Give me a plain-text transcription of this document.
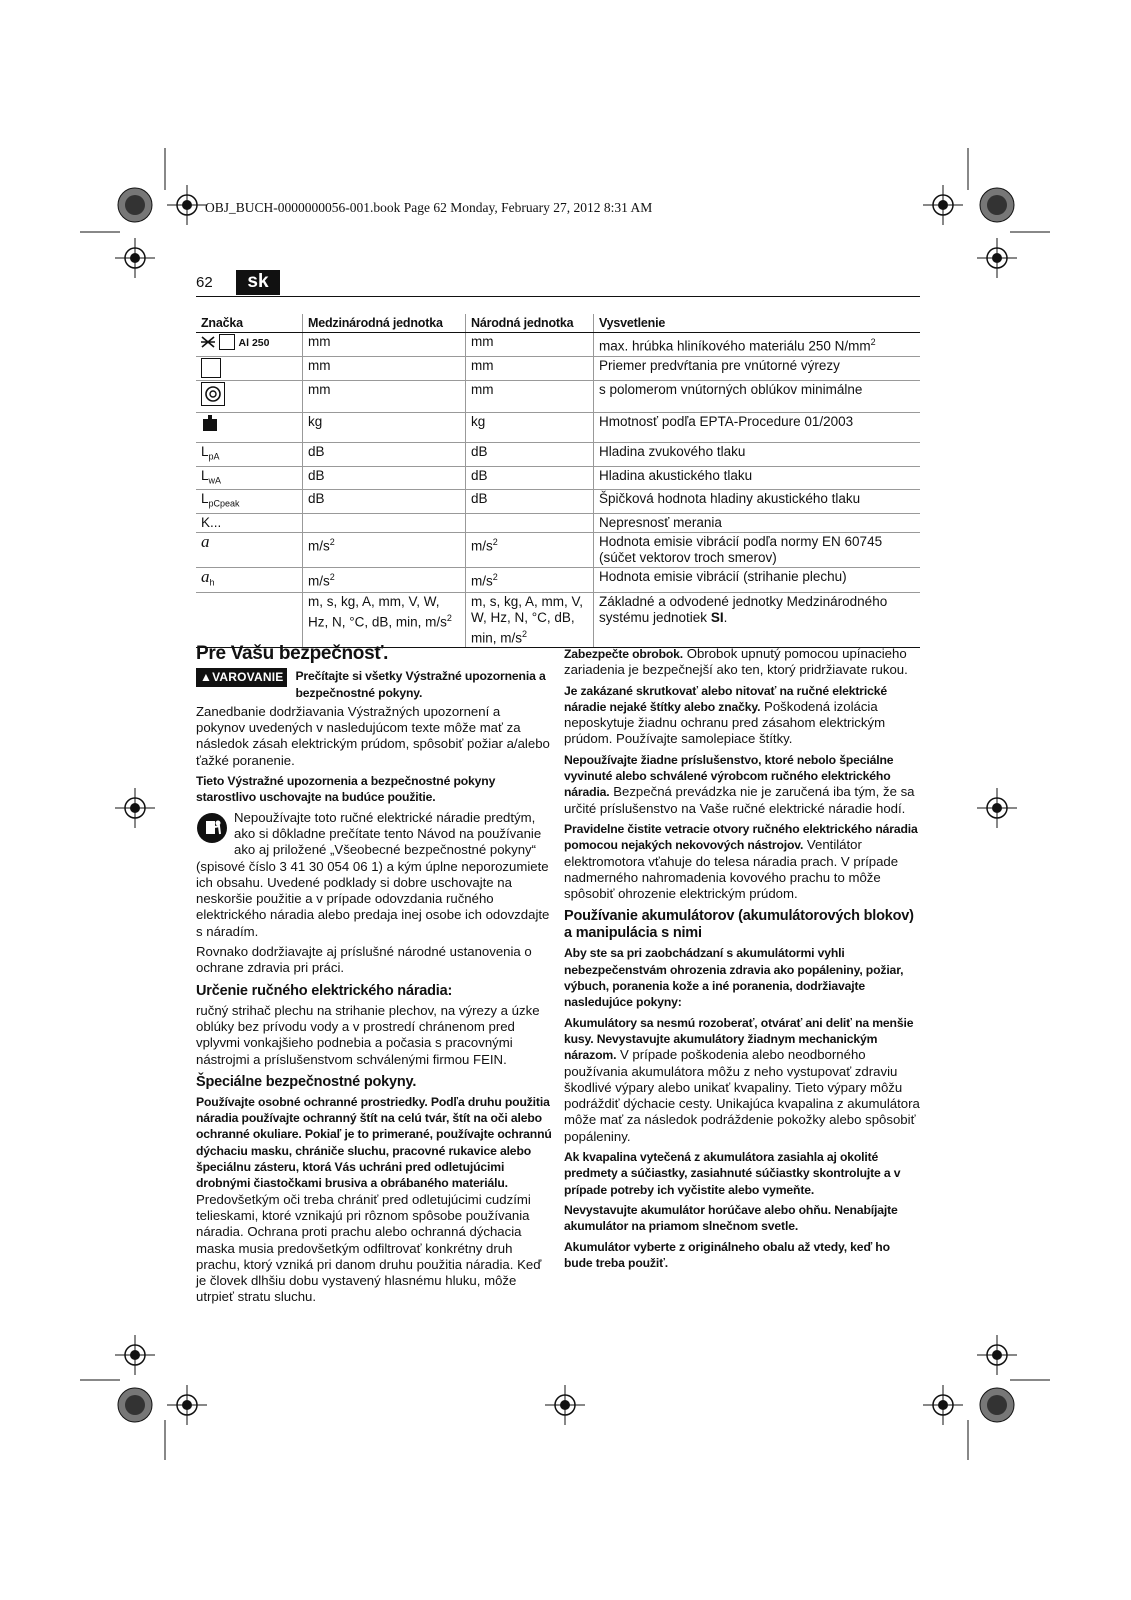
OBJ_BUCH-0000000056-001.book Page 62 Monday, February 27, 2012 8:31 AM
62	sk
Značka	Medzinárodná jednotka	Národná jednotka	Vysvetlenie
Al 250	mm	mm	max. hrúbka hliníkového materiálu 250 $N/mm^2$
	mm	mm	Priemer predvŕtania pre vnútorné výrezy
	mm	mm	s polomerom vnútorných oblúkov minimálne
	kg	kg	Hmotnosť podľa EPTA-Procedure 01/2003
$L_{pA}$	dB	dB	Hladina zvukového tlaku
$L_{wA}$	dB	dB	Hladina akustického tlaku
$L_{pCpeak}$	dB	dB	Špičková hodnota hladiny akustického tlaku
K...			Nepresnosť merania
a	$m/s^2$	$m/s^2$	Hodnota emisie vibrácií podľa normy EN 60745 (súčet vektorov troch smerov)
$a_h$	$m/s^2$	$m/s^2$	Hodnota emisie vibrácií (strihanie plechu)
	m, s, kg, A, mm, V, W, Hz, N, °C, dB, min, $m/s^2$	m, s, kg, A, mm, V, W, Hz, N, °C, dB, min, $m/s^2$	Základné a odvodené jednotky Medzinárodného systému jednotiek SI.
Pre Vašu bezpečnosť.
▲VAROVANIE Prečítajte si všetky Výstražné upozornenia a bezpečnostné pokyny.

Zanedbanie dodržiavania Výstražných upozornení a pokynov uvedených v nasledujúcom texte môže mať za následok zásah elektrickým prúdom, spôsobiť požiar a/alebo ťažké poranenie.

Tieto Výstražné upozornenia a bezpečnostné pokyny starostlivo uschovajte na budúce použitie.

Nepoužívajte toto ručné elektrické náradie predtým, ako si dôkladne prečítate tento Návod na používanie ako aj priložené „Všeobecné bezpečnostné pokyny“ (spisové číslo 3 41 30 054 06 1) a kým úplne neporozumiete ich obsahu. Uvedené podklady si dobre uschovajte na neskoršie použitie a v prípade odovzdania ručného elektrického náradia alebo predaja inej osobe ich odovzdajte s náradím.

Rovnako dodržiavajte aj príslušné národné ustanovenia o ochrane zdravia pri práci.

Určenie ručného elektrického náradia:

ručný strihač plechu na strihanie plechov, na výrezy a úzke oblúky bez prívodu vody a v prostredí chránenom pred vplyvmi vonkajšieho podnebia a počasia s pracovnými nástrojmi a príslušenstvom schválenými firmou FEIN.

Špeciálne bezpečnostné pokyny.

Používajte osobné ochranné prostriedky. Podľa druhu použitia náradia používajte ochranný štít na celú tvár, štít na oči alebo ochranné okuliare. Pokiaľ je to primerané, používajte ochrannú dýchaciu masku, chrániče sluchu, pracovné rukavice alebo špeciálnu zásteru, ktorá Vás uchráni pred odletujúcimi drobnými čiastočkami brusiva a obrábaného materiálu. Predovšetkým oči treba chrániť pred odletujúcimi cudzími telieskami, ktoré vznikajú pri rôznom spôsobe používania náradia. Ochrana proti prachu alebo ochranná dýchacia maska musia predovšetkým odfiltrovať konkrétny druh prachu, ktorý vzniká pri danom druhu použitia náradia. Keď je človek dlhšiu dobu vystavený hlasnému hluku, môže utrpieť stratu sluchu.

Zabezpečte obrobok. Obrobok upnutý pomocou upínacieho zariadenia je bezpečnejší ako ten, ktorý pridržiavate rukou.

Je zakázané skrutkovať alebo nitovať na ručné elektrické náradie nejaké štítky alebo značky. Poškodená izolácia neposkytuje žiadnu ochranu pred zásahom elektrickým prúdom. Používajte samolepiace štítky.

Nepoužívajte žiadne príslušenstvo, ktoré nebolo špeciálne vyvinuté alebo schválené výrobcom ručného elektrického náradia. Bezpečná prevádzka nie je zaručená iba tým, že sa určité príslušenstvo na Vaše ručné elektrické náradie hodí.

Pravidelne čistite vetracie otvory ručného elektrického náradia pomocou nejakých nekovových nástrojov. Ventilátor elektromotora vťahuje do telesa náradia prach. V prípade nadmerného nahromadenia kovového prachu to môže spôsobiť ohrozenie elektrickým prúdom.

Používanie akumulátorov (akumulátorových blokov) a manipulácia s nimi

Aby ste sa pri zaobchádzaní s akumulátormi vyhli nebezpečenstvám ohrozenia zdravia ako popáleniny, požiar, výbuch, poranenia kože a iné poranenia, dodržiavajte nasledujúce pokyny:

Akumulátory sa nesmú rozoberať, otvárať ani deliť na menšie kusy. Nevystavujte akumulátory žiadnym mechanickým nárazom. V prípade poškodenia alebo neodborného používania akumulátora môžu z neho vystupovať zdraviu škodlivé výpary alebo unikať kvapaliny. Tieto výpary môžu podráždiť dýchacie cesty. Unikajúca kvapalina z akumulátora môže mať za následok podráždenie pokožky alebo spôsobiť popáleniny.

Ak kvapalina vytečená z akumulátora zasiahla aj okolité predmety a súčiastky, zasiahnuté súčiastky skontrolujte a v prípade potreby ich vyčistite alebo vymeňte.

Nevystavujte akumulátor horúčave alebo ohňu. Nenabíjajte akumulátor na priamom slnečnom svetle.

Akumulátor vyberte z originálneho obalu až vtedy, keď ho bude treba použiť.
